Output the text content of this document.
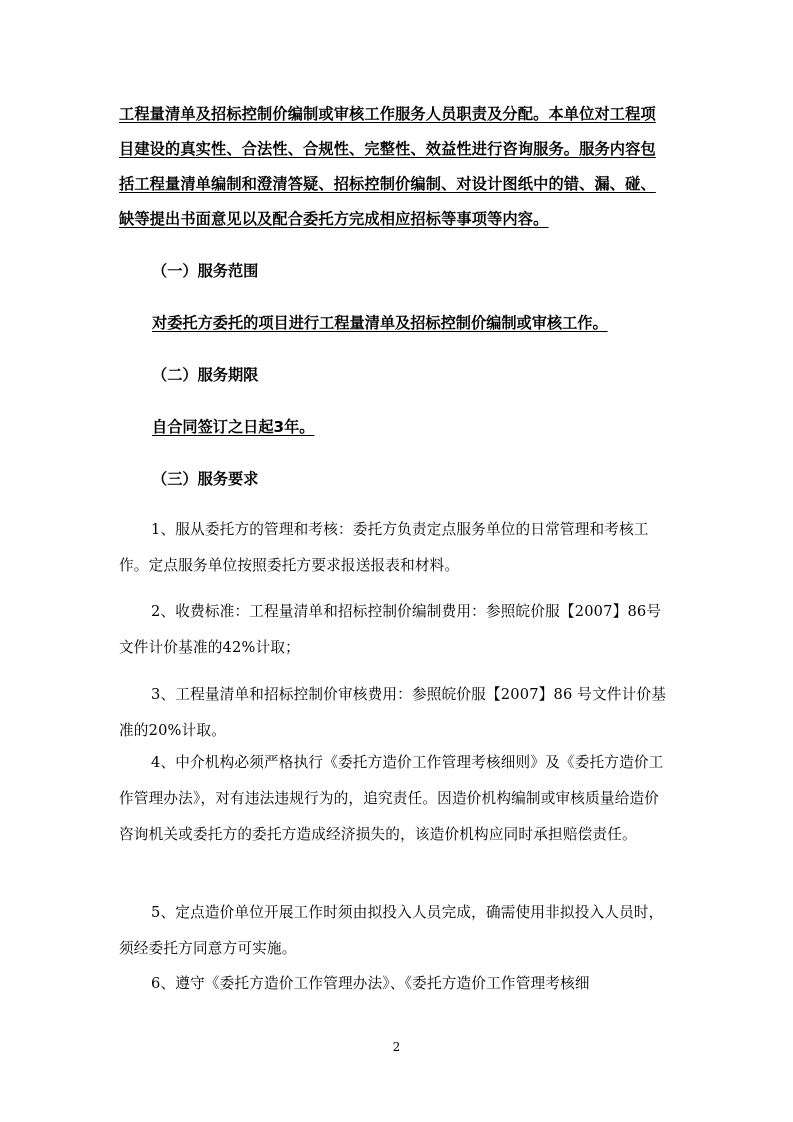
工程量清单及招标控制价编制或审核工作服务人员职责及分配。本单位对工程项目建设的真实性、合法性、合规性、完整性、效益性进行咨询服务。服务内容包括工程量清单编制和澄清答疑、招标控制价编制、对设计图纸中的错、漏、碰、缺等提出书面意见以及配合委托方完成相应招标等事项等内容。
（一）服务范围
对委托方委托的项目进行工程量清单及招标控制价编制或审核工作。
（二）服务期限
自合同签订之日起3年。
（三）服务要求
1、服从委托方的管理和考核：委托方负责定点服务单位的日常管理和考核工作。定点服务单位按照委托方要求报送报表和材料。
2、收费标准：工程量清单和招标控制价编制费用：参照皖价服【2007】86号文件计价基准的42%计取；
3、工程量清单和招标控制价审核费用：参照皖价服【2007】86 号文件计价基准的20%计取。
4、中介机构必须严格执行《委托方造价工作管理考核细则》及《委托方造价工作管理办法》，对有违法违规行为的，追究责任。因造价机构编制或审核质量给造价咨询机关或委托方的委托方造成经济损失的，该造价机构应同时承担赔偿责任。
5、定点造价单位开展工作时须由拟投入人员完成，确需使用非拟投入人员时，须经委托方同意方可实施。
6、遵守《委托方造价工作管理办法》、《委托方造价工作管理考核细
2
